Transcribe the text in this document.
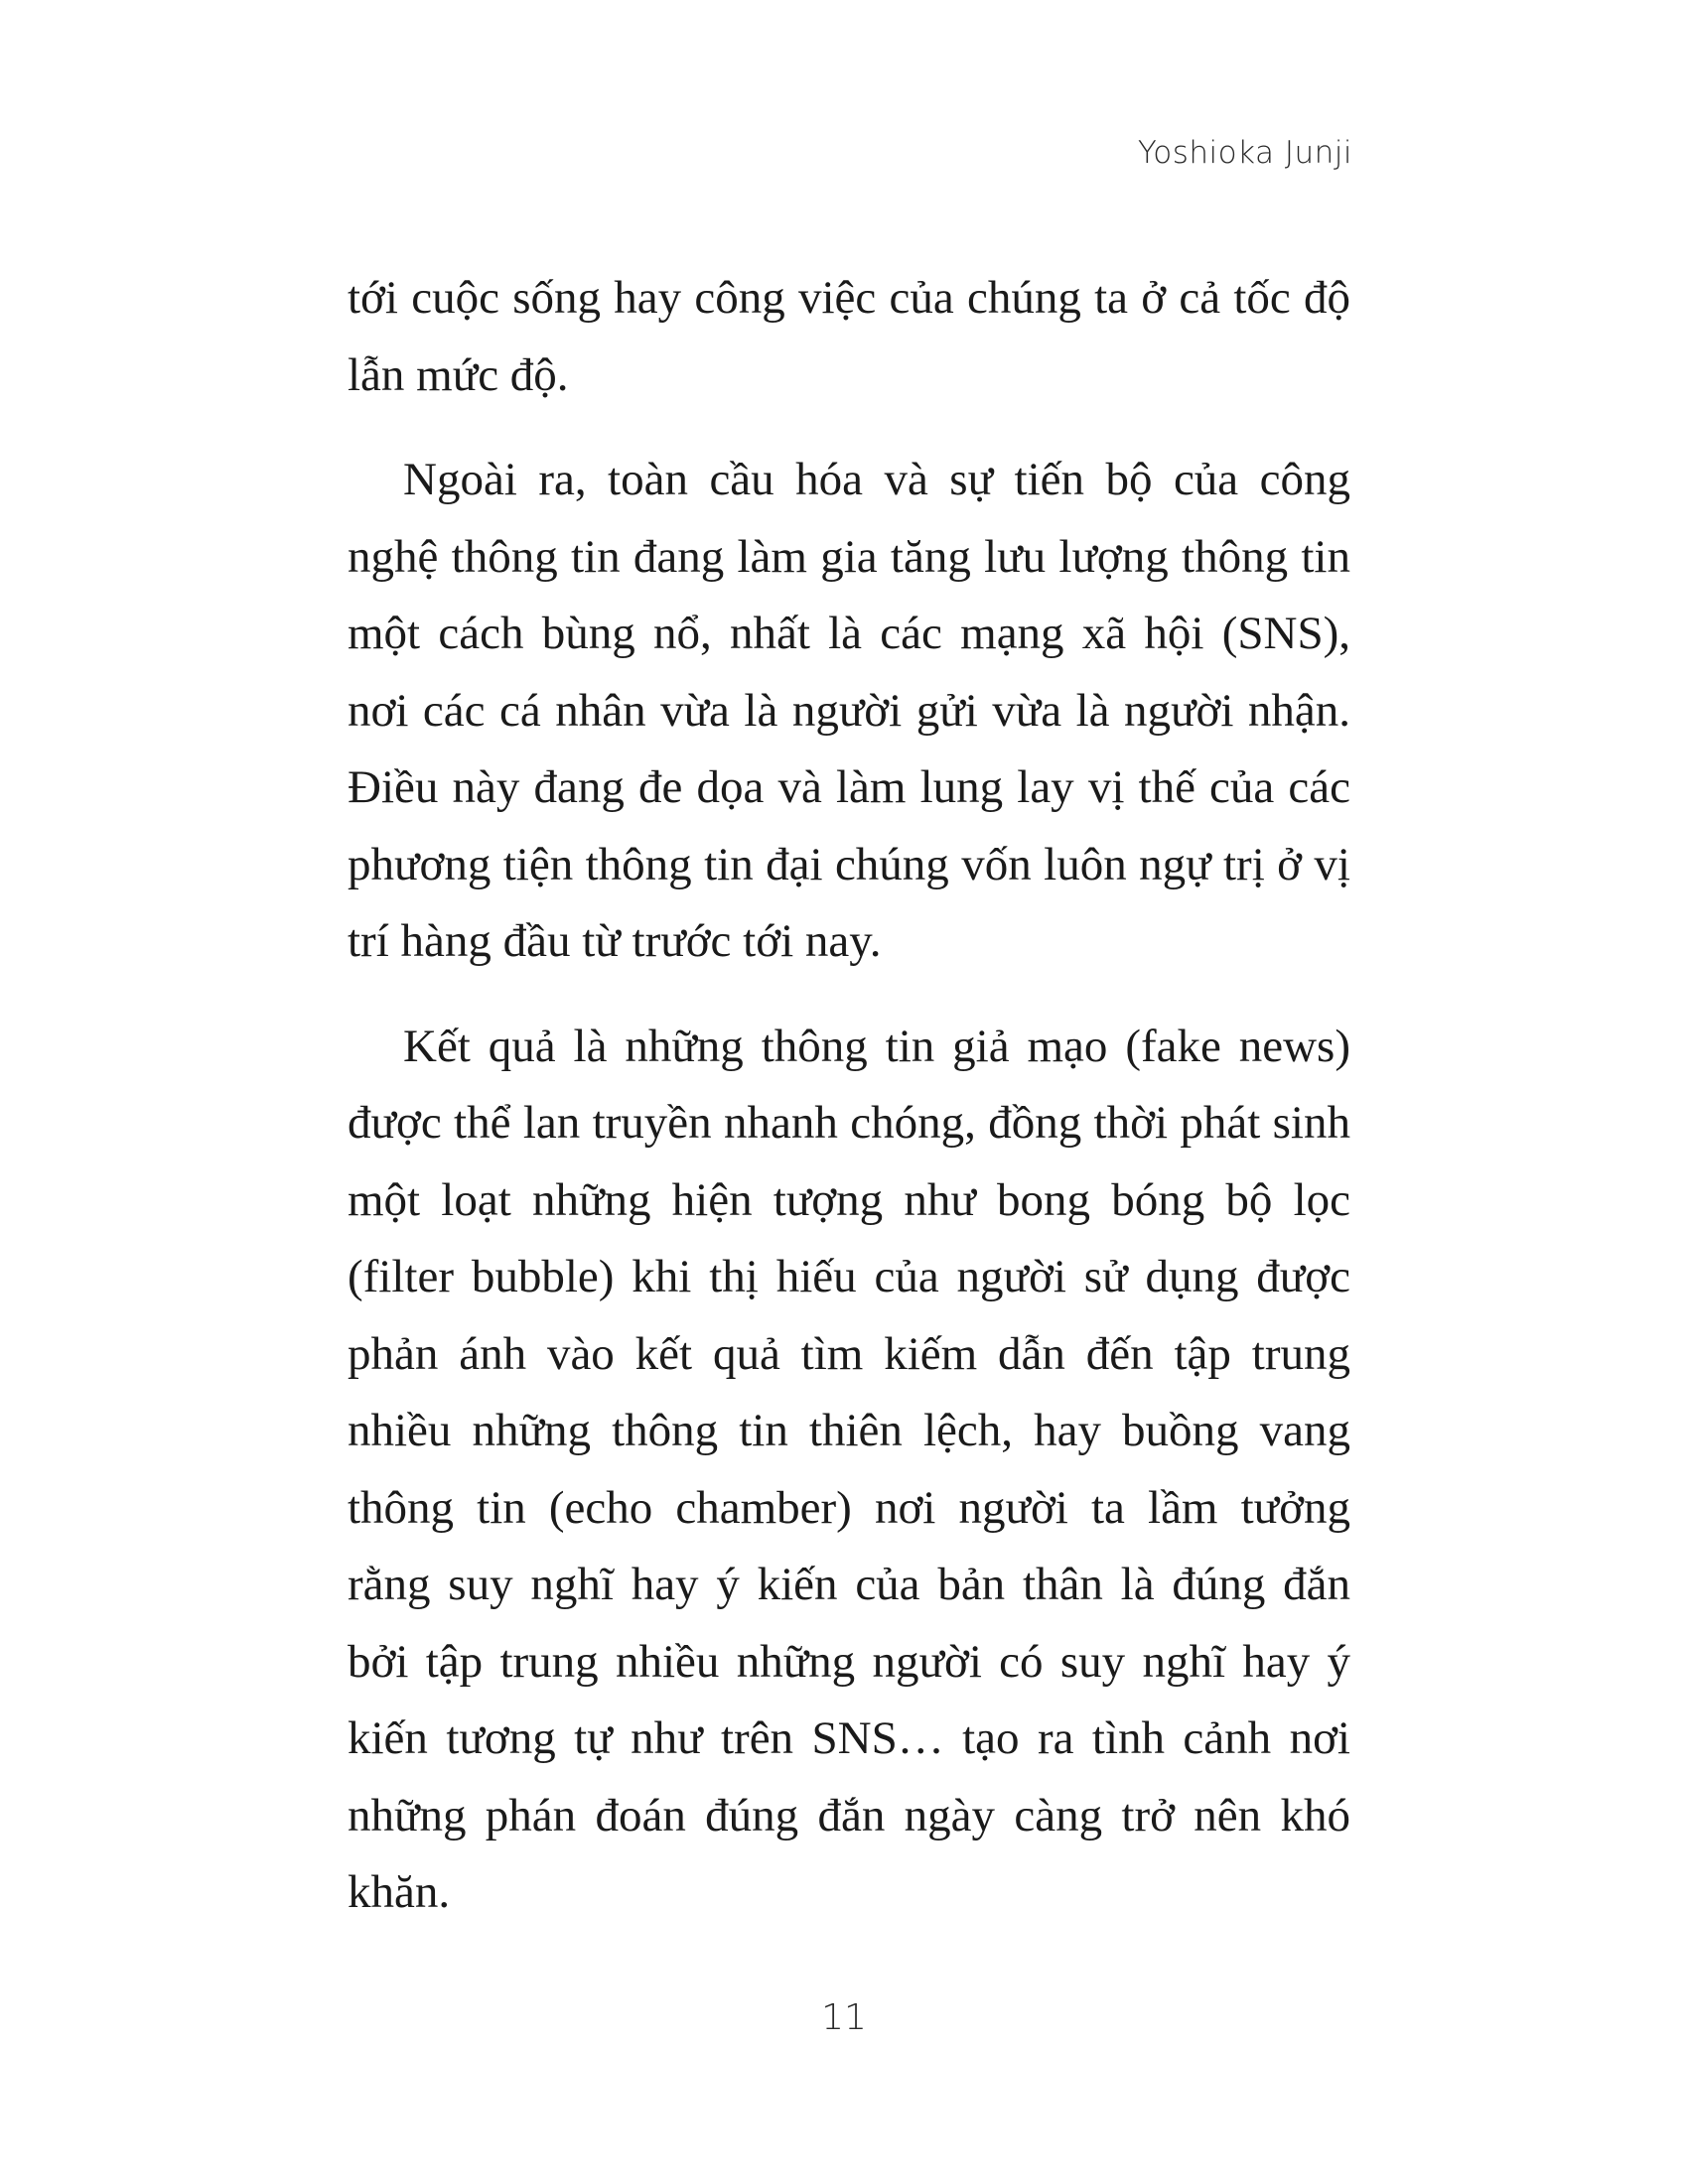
Yoshioka Junji

tới cuộc sống hay công việc của chúng ta ở cả tốc độ lẫn mức độ.

Ngoài ra, toàn cầu hóa và sự tiến bộ của công nghệ thông tin đang làm gia tăng lưu lượng thông tin một cách bùng nổ, nhất là các mạng xã hội (SNS), nơi các cá nhân vừa là người gửi vừa là người nhận. Điều này đang đe dọa và làm lung lay vị thế của các phương tiện thông tin đại chúng vốn luôn ngự trị ở vị trí hàng đầu từ trước tới nay.

Kết quả là những thông tin giả mạo (fake news) được thể lan truyền nhanh chóng, đồng thời phát sinh một loạt những hiện tượng như bong bóng bộ lọc (filter bubble) khi thị hiếu của người sử dụng được phản ánh vào kết quả tìm kiếm dẫn đến tập trung nhiều những thông tin thiên lệch, hay buồng vang thông tin (echo chamber) nơi người ta lầm tưởng rằng suy nghĩ hay ý kiến của bản thân là đúng đắn bởi tập trung nhiều những người có suy nghĩ hay ý kiến tương tự như trên SNS… tạo ra tình cảnh nơi những phán đoán đúng đắn ngày càng trở nên khó khăn.

11
